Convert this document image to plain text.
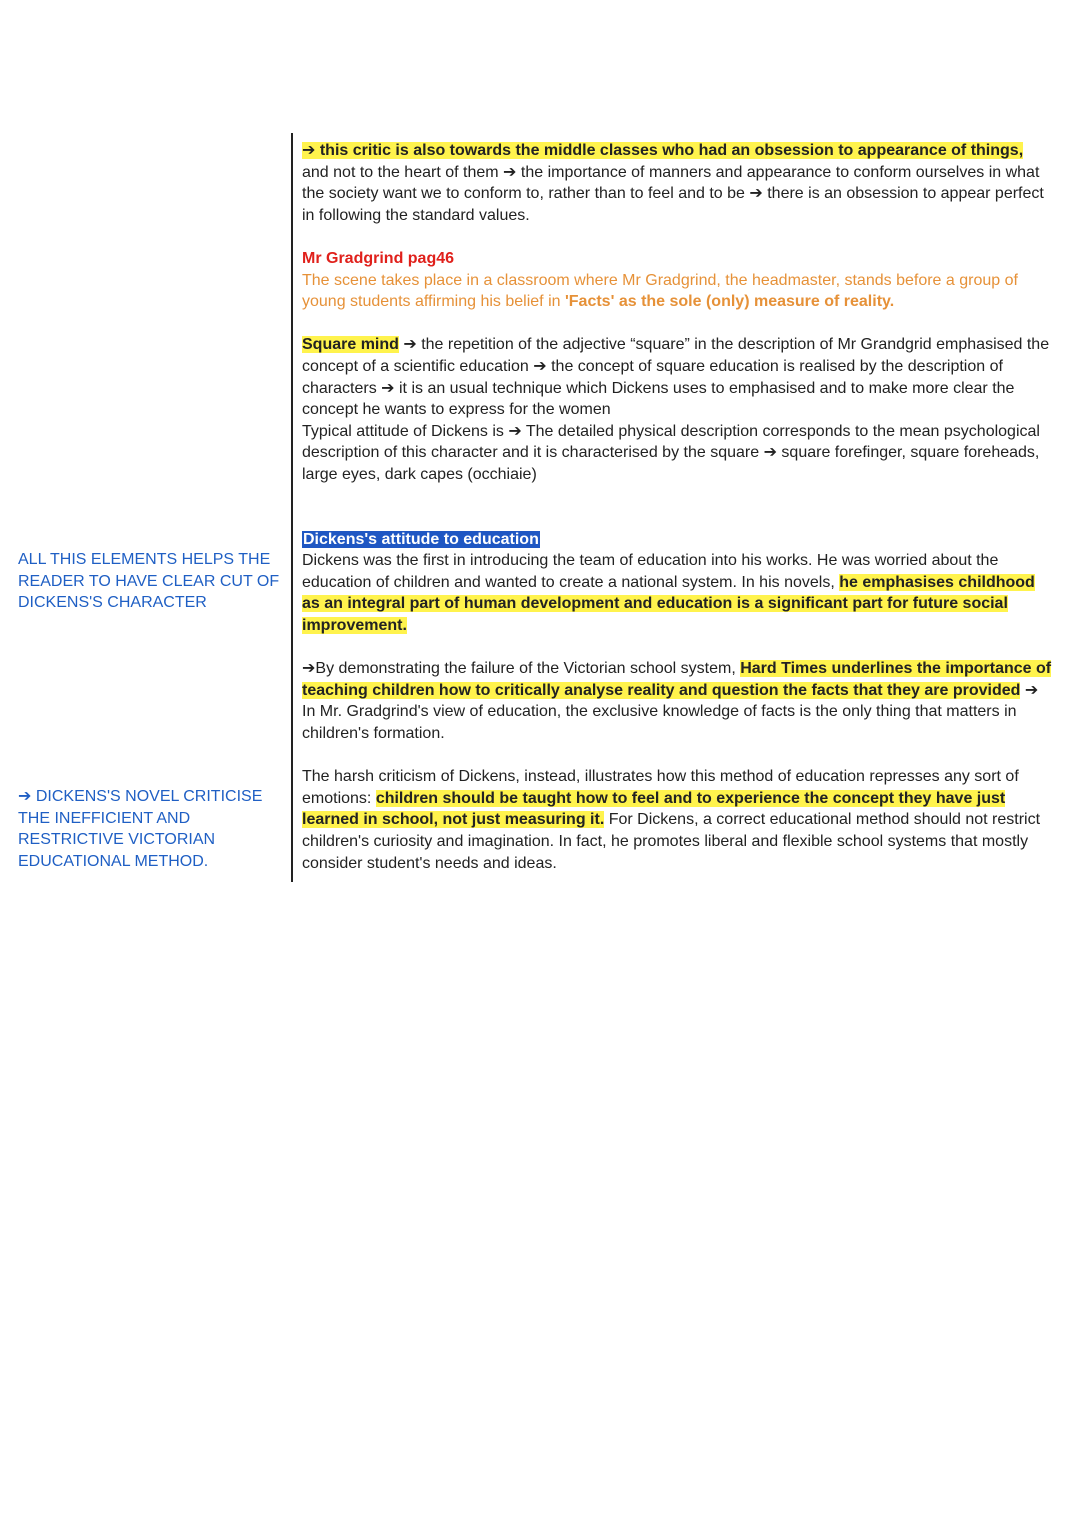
ALL THIS ELEMENTS HELPS THE READER TO HAVE CLEAR CUT OF DICKENS'S CHARACTER
➔ DICKENS'S NOVEL CRITICISE THE INEFFICIENT AND RESTRICTIVE VICTORIAN EDUCATIONAL METHOD.

➔ this critic is also towards the middle classes who had an obsession to appearance of things, and not to the heart of them ➔ the importance of manners and appearance to conform ourselves in what the society want we to conform to, rather than to feel and to be ➔ there is an obsession to appear perfect in following the standard values.

Mr Gradgrind pag46

The scene takes place in a classroom where Mr Gradgrind, the headmaster, stands before a group of young students affirming his belief in 'Facts' as the sole (only) measure of reality.

Square mind ➔ the repetition of the adjective “square” in the description of Mr Grandgrid emphasised the concept of a scientific education ➔ the concept of square education is realised by the description of characters ➔ it is an usual technique which Dickens uses to emphasised and to make more clear the concept he wants to express for the women

Typical attitude of Dickens is ➔ The detailed physical description corresponds to the mean psychological description of this character and it is characterised by the square ➔ square forefinger, square foreheads, large eyes, dark capes (occhiaie)

Dickens's attitude to education

Dickens was the first in introducing the team of education into his works. He was worried about the education of children and wanted to create a national system. In his novels, he emphasises childhood as an integral part of human development and education is a significant part for future social improvement.

➔By demonstrating the failure of the Victorian school system, Hard Times underlines the importance of teaching children how to critically analyse reality and question the facts that they are provided ➔ In Mr. Gradgrind's view of education, the exclusive knowledge of facts is the only thing that matters in children's formation.

The harsh criticism of Dickens, instead, illustrates how this method of education represses any sort of emotions: children should be taught how to feel and to experience the concept they have just learned in school, not just measuring it. For Dickens, a correct educational method should not restrict children's curiosity and imagination. In fact, he promotes liberal and flexible school systems that mostly consider student's needs and ideas.
